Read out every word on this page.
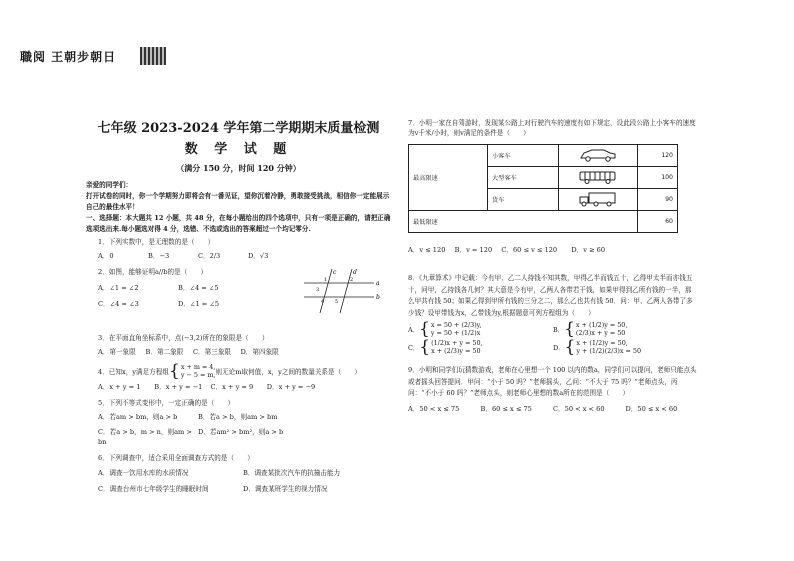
職阅 王朝步朝日

七年级 2023-2024 学年第二学期期末质量检测

数 学 试 题

（满分 150 分，时间 120 分钟）

亲爱的同学们：

打开试卷的同时，你一个学期努力即将会有一番见证，望你沉着冷静，勇敢接受挑战，相信你一定能展示自己的最佳水平！

一、选择题：本大题共 12 小题，共 48 分，在每小题给出的四个选项中，只有一项是正确的，请把正确选项选出来.每小题选对得 4 分，选错、不选或选出的答案超过一个均记零分.

1．下列实数中，是无理数的是（　　）

A．0	B．−3	C．2/3	D．√3

2．如图，能够证明a//b的是（　　）

A．∠1 = ∠2	B．∠4 = ∠5
C．∠4 = ∠3	D．∠1 = ∠5
c	d
a
b
1	2
3
4 5

3．在平面直角坐标系中，点(−3,2)所在的象限是（　　）

A．第一象限	B．第二象限	C．第三象限	D．第四象限
4．已知x，y满足方程组 { x + m = 4,
y − 5 = m, 则无论m取何值，x，y之间的数量关系是（　　）
A．x + y = 1	B．x + y = −1	C．x + y = 9	D．x + y = −9

5．下列不等式变形中，一定正确的是（　　）

A．若am > bm，则a > b	B．若a > b，则am > bm
C．若a > b，m > n，则am > bn
D．若am² > bm²，则a > b

6．下列调查中，适合采用全面调查方式的是（　　）

A．调查一饮用水库的水质情况	B．调查某批次汽车的抗撞击能力
C．调查台州市七年级学生的睡眠时间	D．调查某班学生的视力情况

7．小明一家在自驾游时，发现某公路上对行驶汽车的速度有如下规定，设此段公路上小客车的速度为v千米/小时，则v满足的条件是（　　）

最高限速	小客车		120
	大型客车		100
	货车		90
最低限速			60
A．v ≤ 120	B．v = 120	C．60 ≤ v ≤ 120	D．v ≥ 60

8．《九章算术》中记载：今有甲、乙二人持钱不知其数，甲得乙半而钱五十，乙得甲太半而亦钱五十，问甲，乙持钱各几何？其大意是今有甲，乙两人各带若干钱，如果甲得到乙所有钱的一半，那么甲共有钱 50；如果乙得到甲所有钱的三分之二，那么乙也共有钱 50．问：甲、乙两人各带了多少钱？设甲带钱为x，乙带钱为y,根据题意可列方程组为（　　）

A． { x = 50 + (2/3)y,
y = 50 + (1/2)x	B． { x + (1/2)y = 50,
(2/3)x + y = 50
C． { (1/2)x + y = 50,
x + (2/3)y = 50	D． { x + (1/2)y = 50,
y + (1/2)(2/3)x = 50

9．小明和同学们玩猜数游戏，老师在心里想一个 100 以内的数a，同学们可以提问，老师只能点头或者摇头回答提问．甲问：“小于 50 吗？”老师摇头，乙问：“不大于 75 吗？”老师点头，丙问：“不小于 60 吗？”老师点头，则老师心里想的数a所在的范围是（　　）

A．50 < x ≤ 75	B．60 ≤ x ≤ 75	C．50 < x < 60	D．50 ≤ x < 60
